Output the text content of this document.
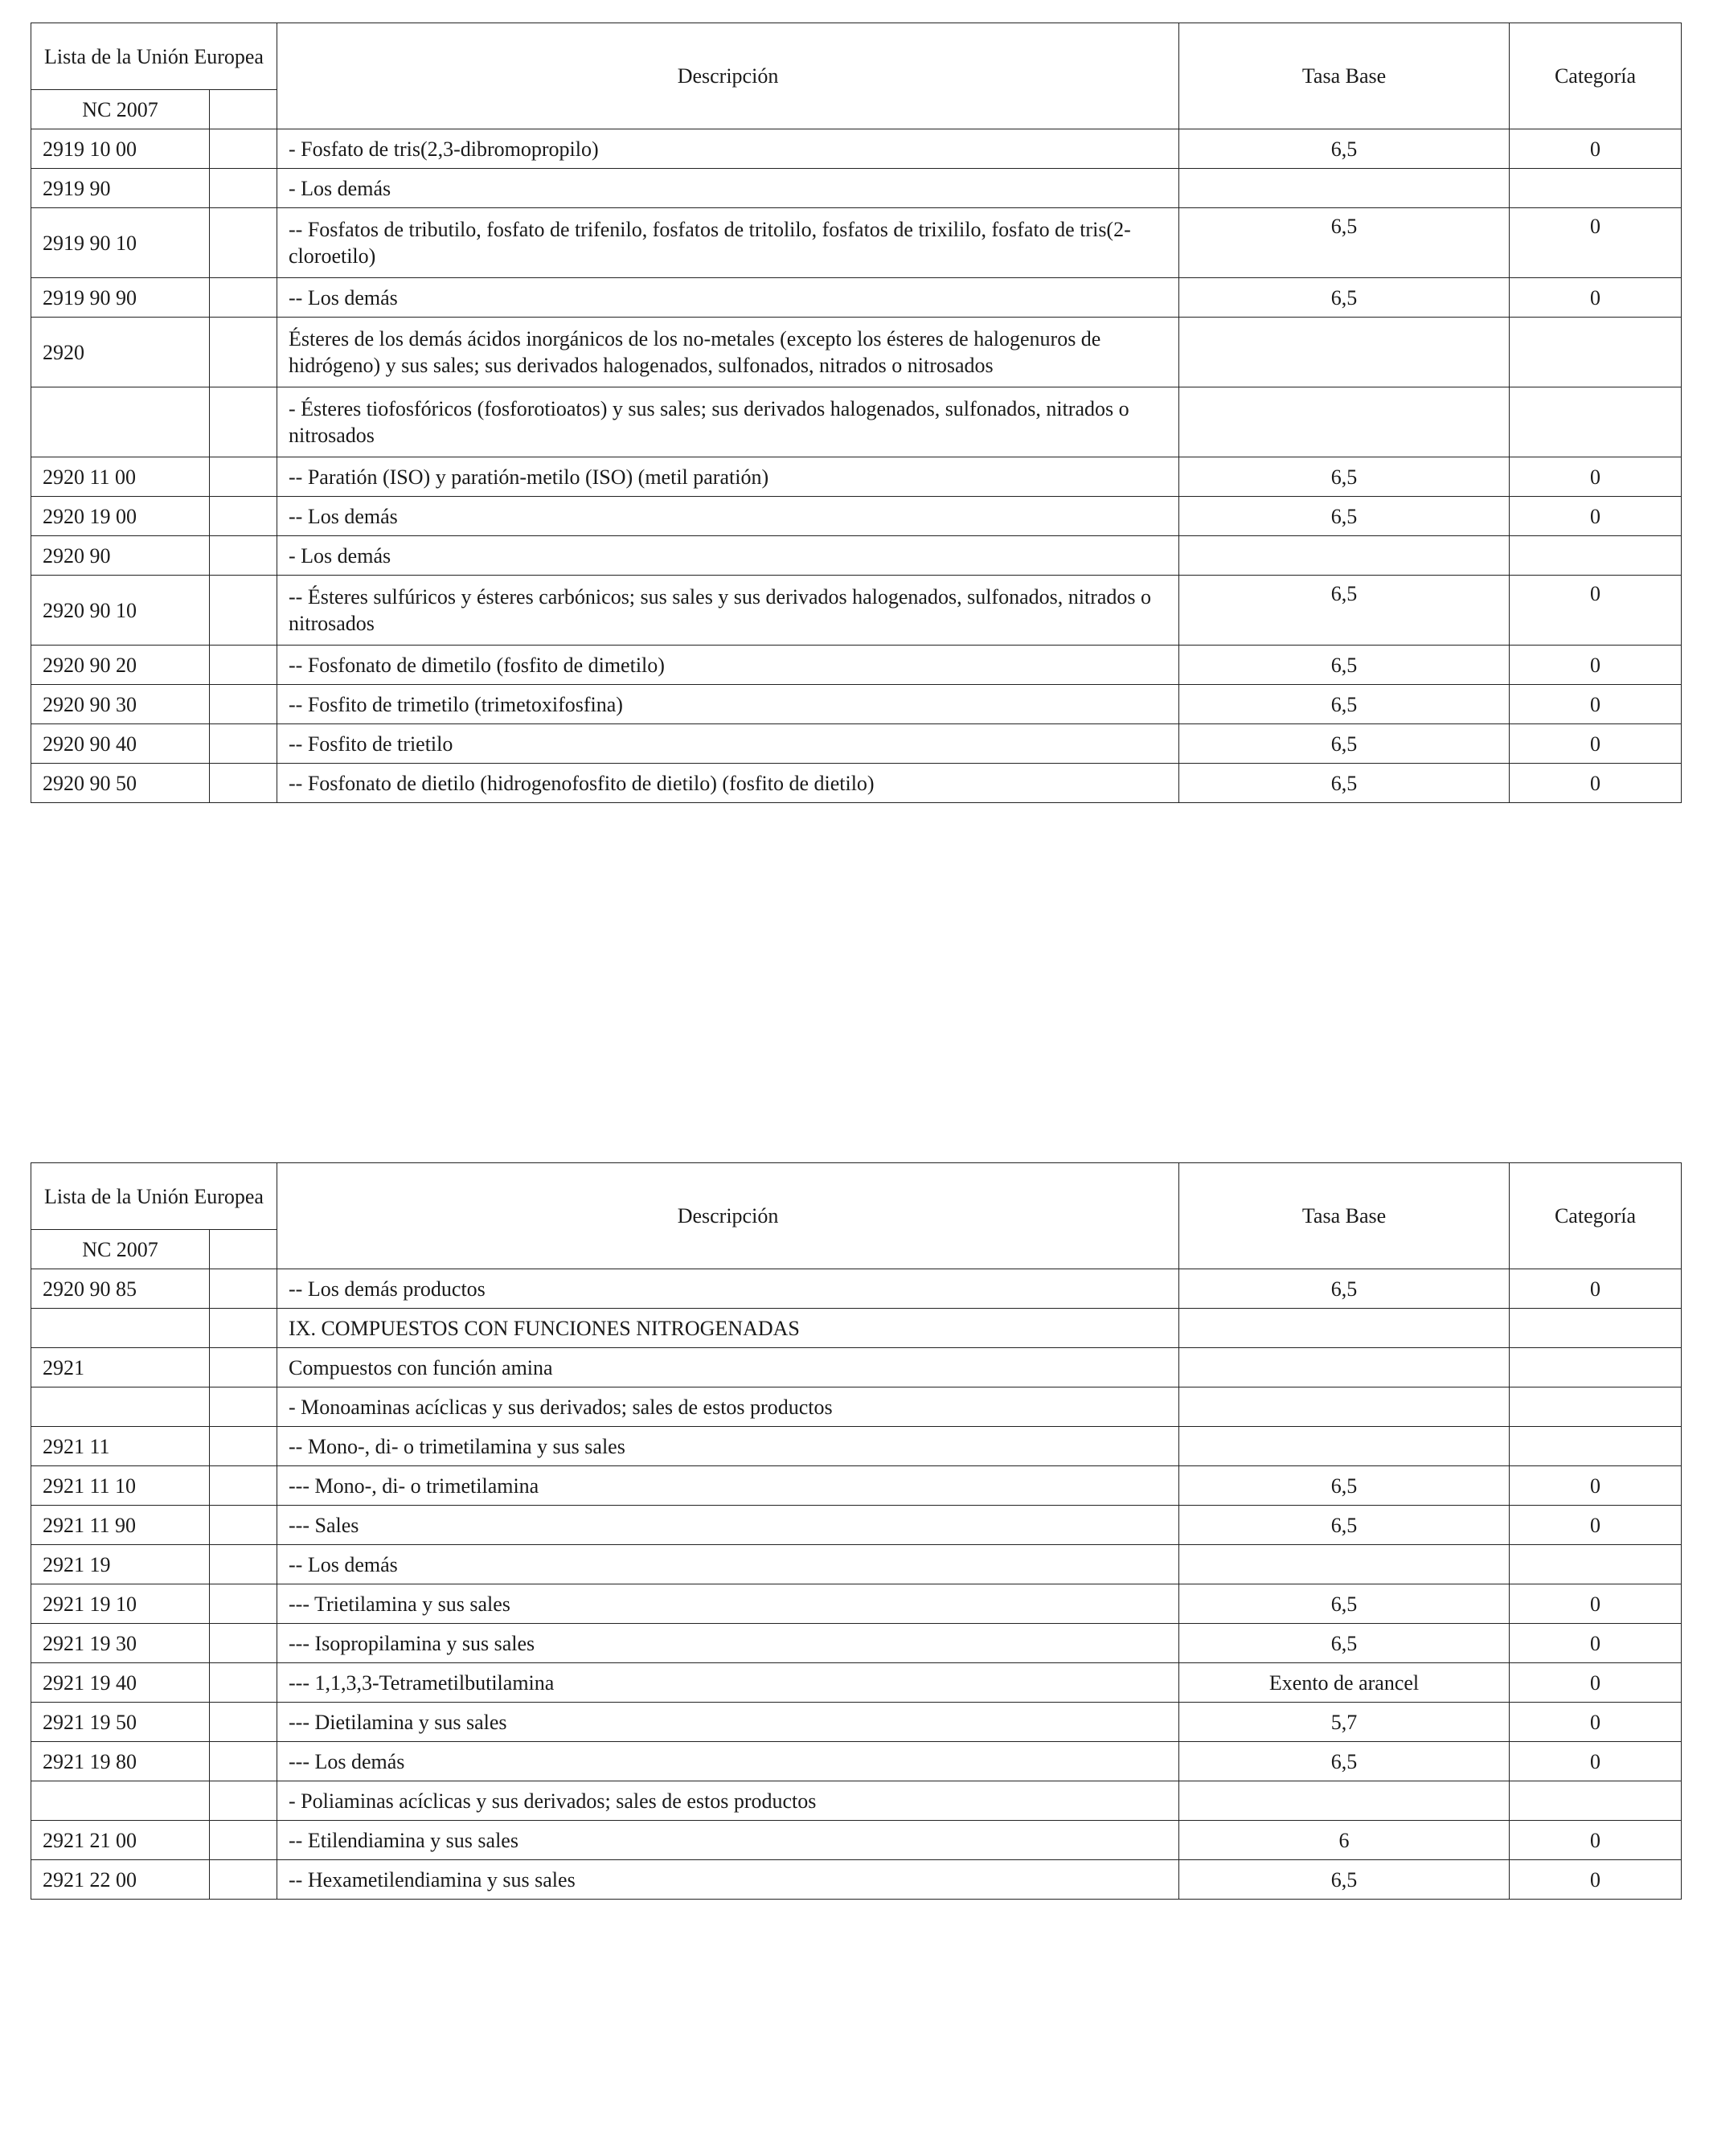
Lista de la Unión Europea		Descripción	Tasa Base	Categoría
NC 2007				
2919 10 00		- Fosfato de tris(2,3-dibromopropilo)	6,5	0
2919 90		- Los demás		
2919 90 10		-- Fosfatos de tributilo, fosfato de trifenilo, fosfatos de tritolilo, fosfatos de trixililo, fosfato de tris(2-cloroetilo)	6,5	0
2919 90 90		-- Los demás	6,5	0
2920		Ésteres de los demás ácidos inorgánicos de los no-metales (excepto los ésteres de halogenuros de hidrógeno) y sus sales; sus derivados halogenados, sulfonados, nitrados o nitrosados		
		- Ésteres tiofosfóricos (fosforotioatos) y sus sales; sus derivados halogenados, sulfonados, nitrados o nitrosados		
2920 11 00		-- Paratión (ISO) y paratión-metilo (ISO) (metil paratión)	6,5	0
2920 19 00		-- Los demás	6,5	0
2920 90		- Los demás		
2920 90 10		-- Ésteres sulfúricos y ésteres carbónicos; sus sales y sus derivados halogenados, sulfonados, nitrados o nitrosados	6,5	0
2920 90 20		-- Fosfonato de dimetilo (fosfito de dimetilo)	6,5	0
2920 90 30		-- Fosfito de trimetilo (trimetoxifosfina)	6,5	0
2920 90 40		-- Fosfito de trietilo	6,5	0
2920 90 50		-- Fosfonato de dietilo (hidrogenofosfito de dietilo) (fosfito de dietilo)	6,5	0
Lista de la Unión Europea		Descripción	Tasa Base	Categoría
NC 2007				
2920 90 85		-- Los demás productos	6,5	0
		IX. COMPUESTOS CON FUNCIONES NITROGENADAS		
2921		Compuestos con función amina		
		- Monoaminas acíclicas y sus derivados; sales de estos productos		
2921 11		-- Mono-, di- o trimetilamina y sus sales		
2921 11 10		--- Mono-, di- o trimetilamina	6,5	0
2921 11 90		--- Sales	6,5	0
2921 19		-- Los demás		
2921 19 10		--- Trietilamina y sus sales	6,5	0
2921 19 30		--- Isopropilamina y sus sales	6,5	0
2921 19 40		--- 1,1,3,3-Tetrametilbutilamina	Exento de arancel	0
2921 19 50		--- Dietilamina y sus sales	5,7	0
2921 19 80		--- Los demás	6,5	0
		- Poliaminas acíclicas y sus derivados; sales de estos productos		
2921 21 00		-- Etilendiamina y sus sales	6	0
2921 22 00		-- Hexametilendiamina y sus sales	6,5	0
